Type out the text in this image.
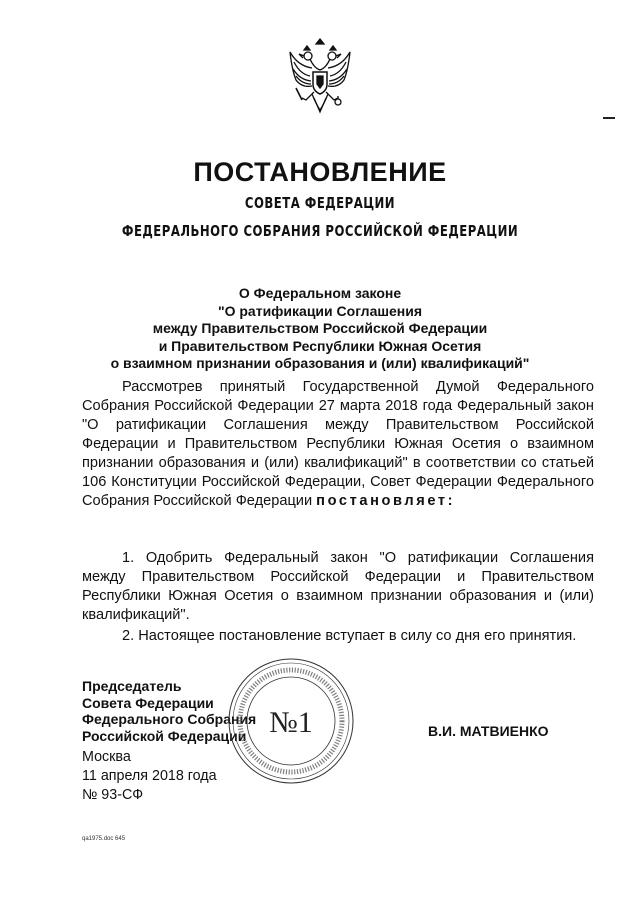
ПОСТАНОВЛЕНИЕ
СОВЕТА ФЕДЕРАЦИИ
ФЕДЕРАЛЬНОГО СОБРАНИЯ РОССИЙСКОЙ ФЕДЕРАЦИИ
О Федеральном законе
"О ратификации Соглашения
между Правительством Российской Федерации
и Правительством Республики Южная Осетия
о взаимном признании образования и (или) квалификаций"

Рассмотрев принятый Государственной Думой Федерального Собрания Российской Федерации 27 марта 2018 года Федеральный закон "О ратификации Соглашения между Правительством Российской Федерации и Правительством Республики Южная Осетия о взаимном признании образования и (или) квалификаций" в соответствии со статьей 106 Конституции Российской Федерации, Совет Федерации Федерального Собрания Российской Федерации постановляет:

1. Одобрить Федеральный закон "О ратификации Соглашения между Правительством Российской Федерации и Правительством Республики Южная Осетия о взаимном признании образования и (или) квалификаций".

2. Настоящее постановление вступает в силу со дня его принятия.

Председатель
Совета Федерации
Федерального Собрания
Российской Федерации №1	В.И. МАТВИЕНКО
Москва
11 апреля 2018 года
№ 93-СФ
qa1975.doc 645
